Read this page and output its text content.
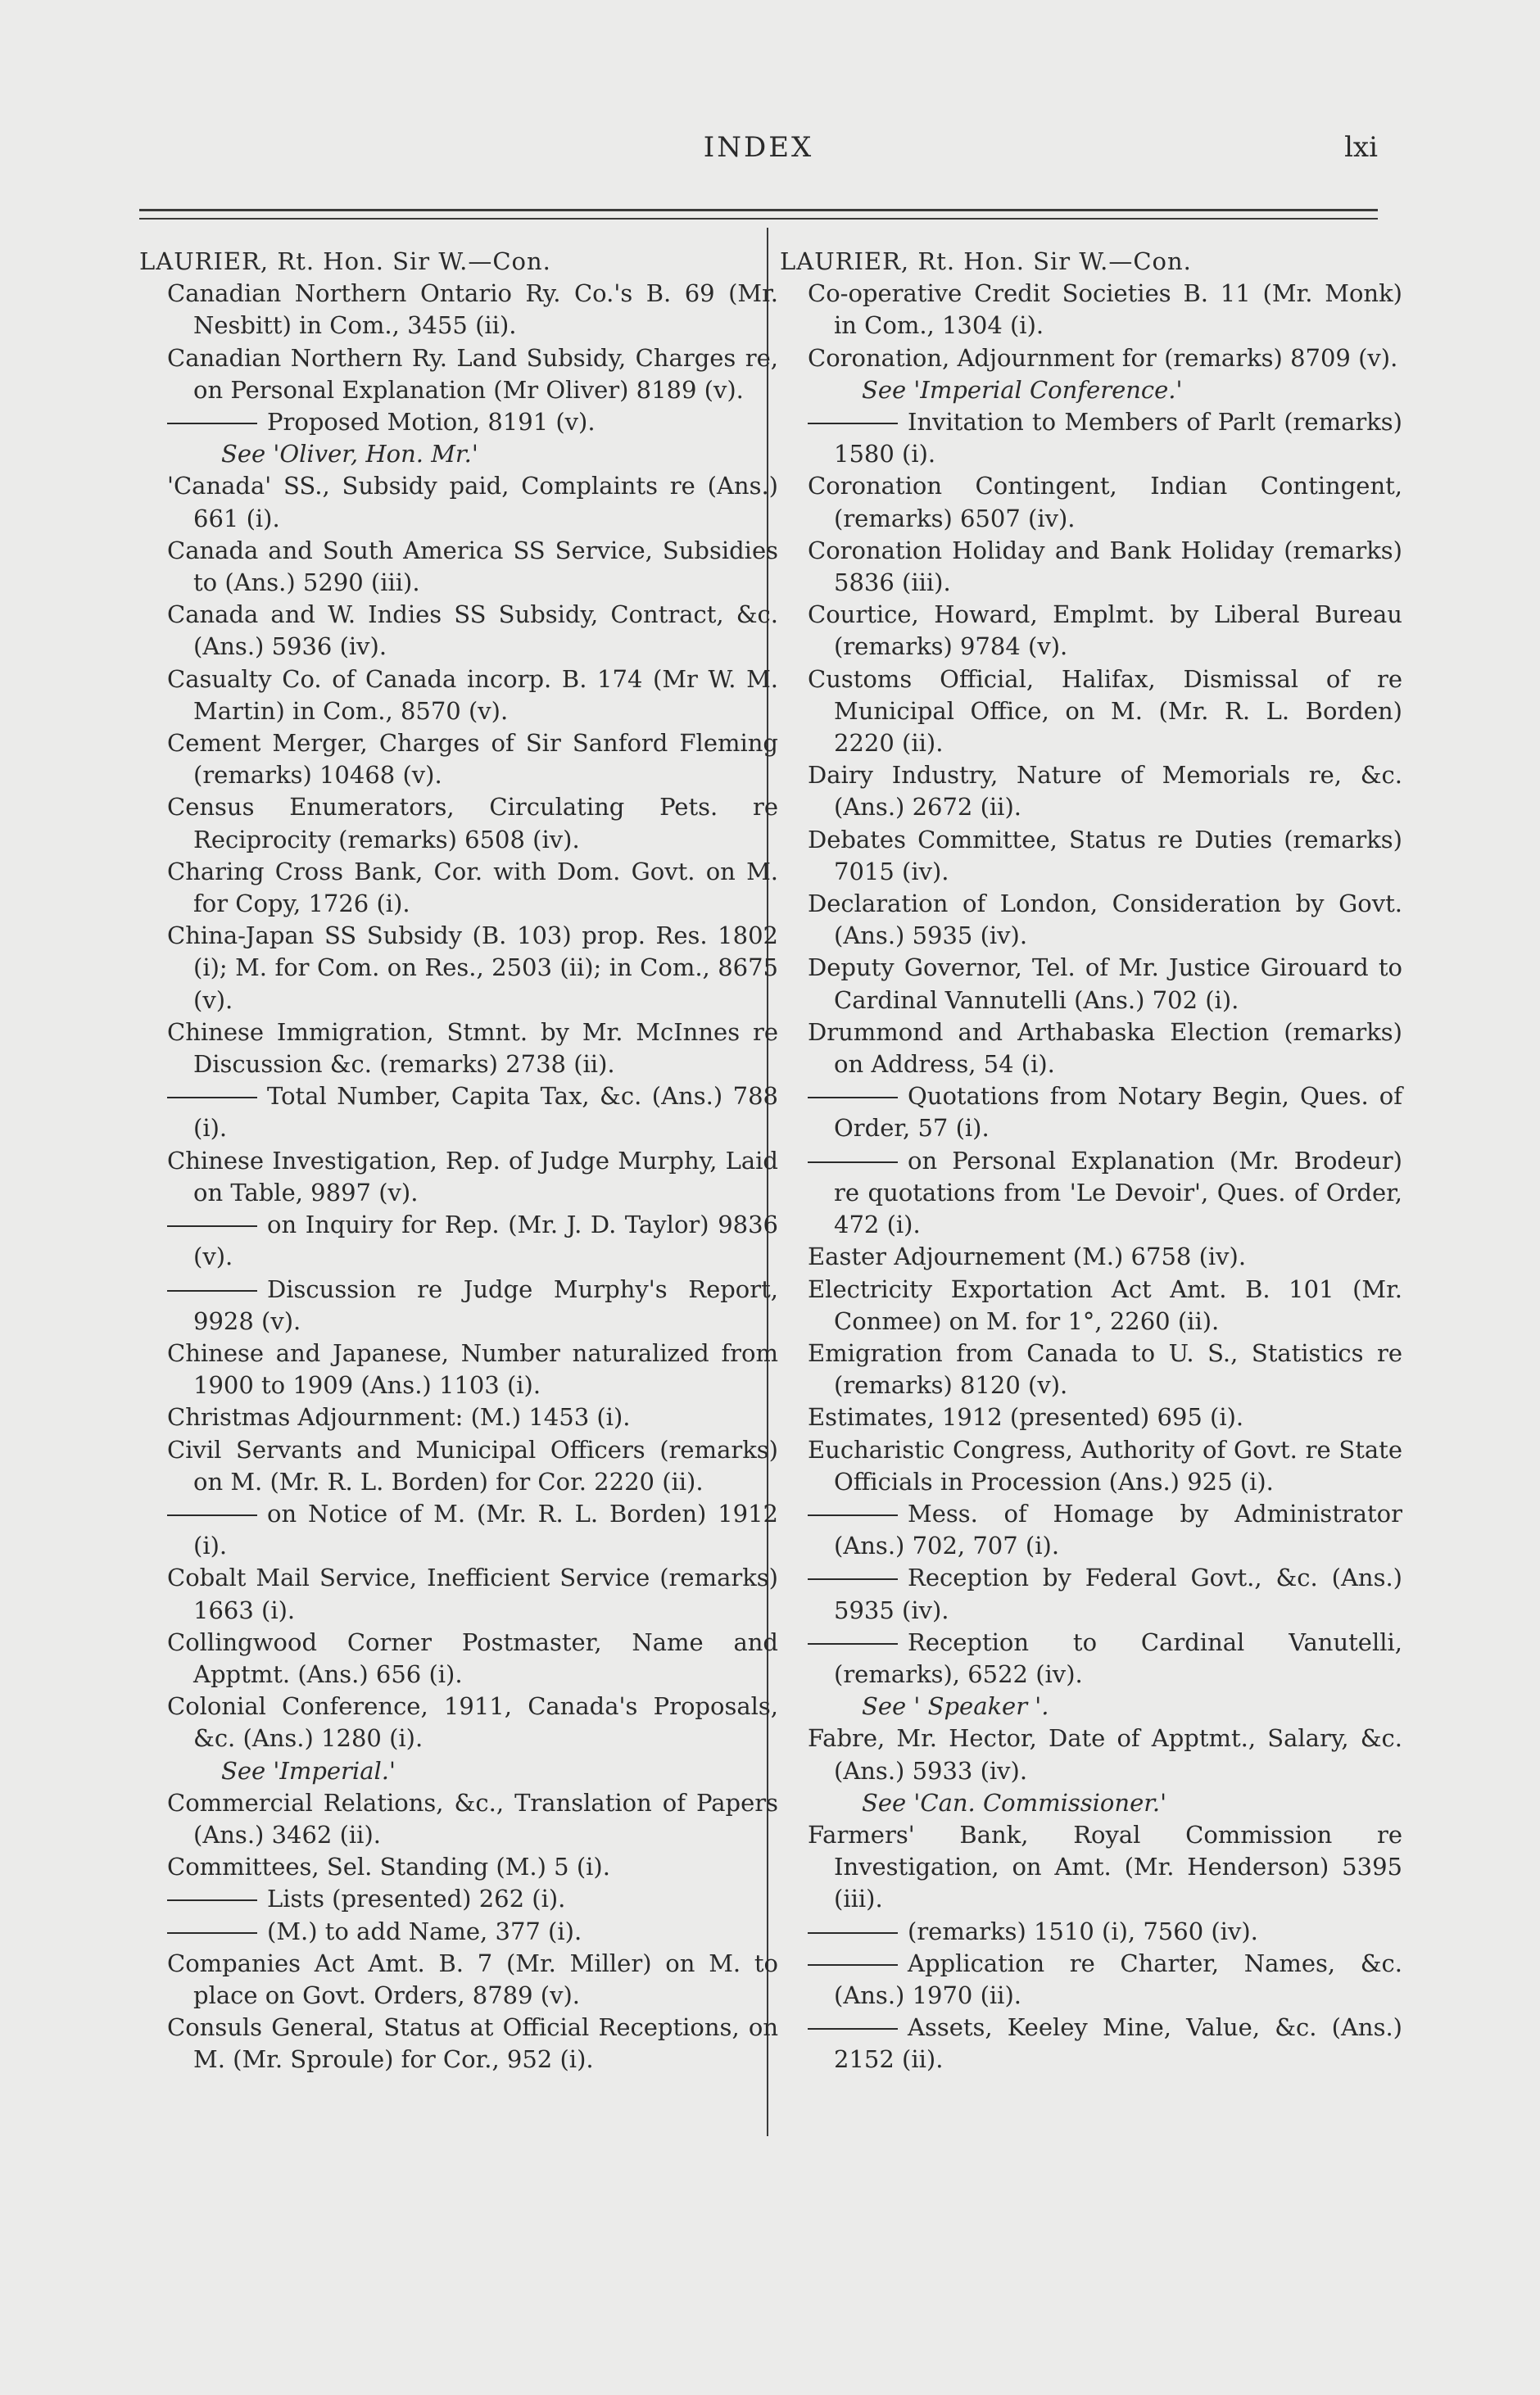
INDEX	lxi
LAURIER, Rt. Hon. Sir W.—Con.
Canadian Northern Ontario Ry. Co.'s B. 69 (Mr. Nesbitt) in Com., 3455 (ii).
Canadian Northern Ry. Land Subsidy, Charges re, on Personal Explanation (Mr Oliver) 8189 (v).
Proposed Motion, 8191 (v).
See 'Oliver, Hon. Mr.'
'Canada' SS., Subsidy paid, Complaints re (Ans.) 661 (i).
Canada and South America SS Service, Subsidies to (Ans.) 5290 (iii).
Canada and W. Indies SS Subsidy, Contract, &c. (Ans.) 5936 (iv).
Casualty Co. of Canada incorp. B. 174 (Mr W. M. Martin) in Com., 8570 (v).
Cement Merger, Charges of Sir Sanford Fleming (remarks) 10468 (v).
Census Enumerators, Circulating Pets. re Reciprocity (remarks) 6508 (iv).
Charing Cross Bank, Cor. with Dom. Govt. on M. for Copy, 1726 (i).
China-Japan SS Subsidy (B. 103) prop. Res. 1802 (i); M. for Com. on Res., 2503 (ii); in Com., 8675 (v).
Chinese Immigration, Stmnt. by Mr. McInnes re Discussion &c. (remarks) 2738 (ii).
Total Number, Capita Tax, &c. (Ans.) 788 (i).
Chinese Investigation, Rep. of Judge Murphy, Laid on Table, 9897 (v).
on Inquiry for Rep. (Mr. J. D. Taylor) 9836 (v).
Discussion re Judge Murphy's Report, 9928 (v).
Chinese and Japanese, Number naturalized from 1900 to 1909 (Ans.) 1103 (i).
Christmas Adjournment: (M.) 1453 (i).
Civil Servants and Municipal Officers (remarks) on M. (Mr. R. L. Borden) for Cor. 2220 (ii).
on Notice of M. (Mr. R. L. Borden) 1912 (i).
Cobalt Mail Service, Inefficient Service (remarks) 1663 (i).
Collingwood Corner Postmaster, Name and Apptmt. (Ans.) 656 (i).
Colonial Conference, 1911, Canada's Proposals, &c. (Ans.) 1280 (i).
See 'Imperial.'
Commercial Relations, &c., Translation of Papers (Ans.) 3462 (ii).
Committees, Sel. Standing (M.) 5 (i).
Lists (presented) 262 (i).
(M.) to add Name, 377 (i).
Companies Act Amt. B. 7 (Mr. Miller) on M. to place on Govt. Orders, 8789 (v).
Consuls General, Status at Official Receptions, on M. (Mr. Sproule) for Cor., 952 (i).
LAURIER, Rt. Hon. Sir W.—Con.
Co-operative Credit Societies B. 11 (Mr. Monk) in Com., 1304 (i).
Coronation, Adjournment for (remarks) 8709 (v).
See 'Imperial Conference.'
Invitation to Members of Parlt (remarks) 1580 (i).
Coronation Contingent, Indian Contingent, (remarks) 6507 (iv).
Coronation Holiday and Bank Holiday (remarks) 5836 (iii).
Courtice, Howard, Emplmt. by Liberal Bureau (remarks) 9784 (v).
Customs Official, Halifax, Dismissal of re Municipal Office, on M. (Mr. R. L. Borden) 2220 (ii).
Dairy Industry, Nature of Memorials re, &c. (Ans.) 2672 (ii).
Debates Committee, Status re Duties (remarks) 7015 (iv).
Declaration of London, Consideration by Govt. (Ans.) 5935 (iv).
Deputy Governor, Tel. of Mr. Justice Girouard to Cardinal Vannutelli (Ans.) 702 (i).
Drummond and Arthabaska Election (remarks) on Address, 54 (i).
Quotations from Notary Begin, Ques. of Order, 57 (i).
on Personal Explanation (Mr. Brodeur) re quotations from 'Le Devoir', Ques. of Order, 472 (i).
Easter Adjournement (M.) 6758 (iv).
Electricity Exportation Act Amt. B. 101 (Mr. Conmee) on M. for 1°, 2260 (ii).
Emigration from Canada to U. S., Statistics re (remarks) 8120 (v).
Estimates, 1912 (presented) 695 (i).
Eucharistic Congress, Authority of Govt. re State Officials in Procession (Ans.) 925 (i).
Mess. of Homage by Administrator (Ans.) 702, 707 (i).
Reception by Federal Govt., &c. (Ans.) 5935 (iv).
Reception to Cardinal Vanutelli, (remarks), 6522 (iv).
See ' Speaker '.
Fabre, Mr. Hector, Date of Apptmt., Salary, &c. (Ans.) 5933 (iv).
See 'Can. Commissioner.'
Farmers' Bank, Royal Commission re Investigation, on Amt. (Mr. Henderson) 5395 (iii).
(remarks) 1510 (i), 7560 (iv).
Application re Charter, Names, &c. (Ans.) 1970 (ii).
Assets, Keeley Mine, Value, &c. (Ans.) 2152 (ii).
